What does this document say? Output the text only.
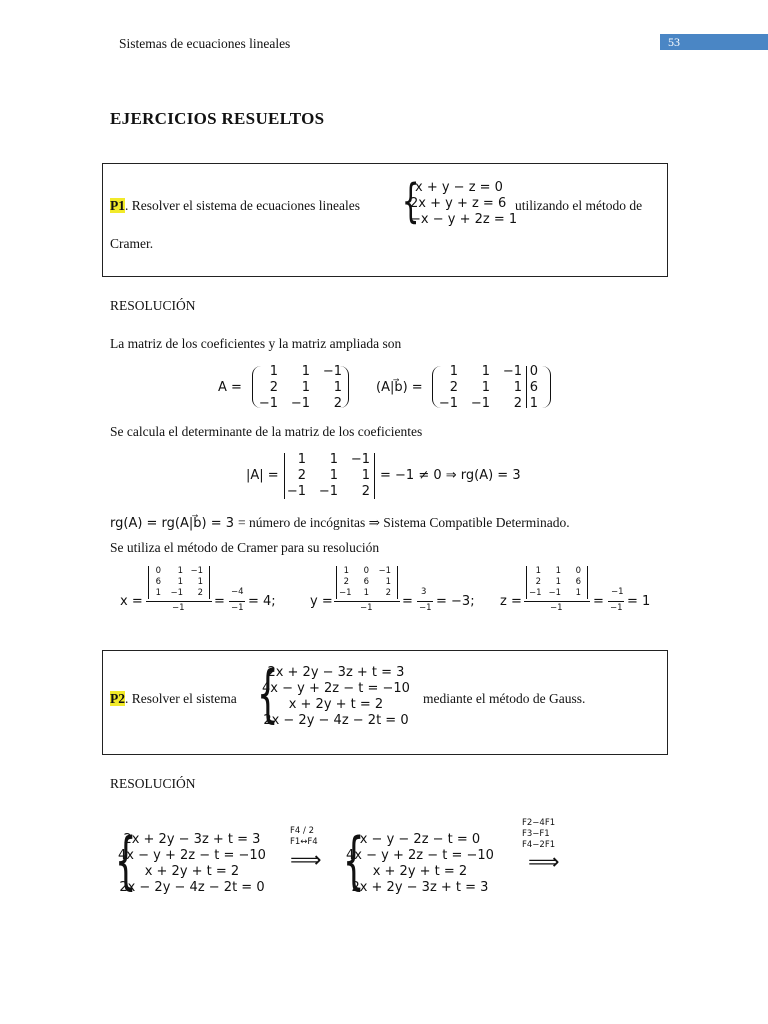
Sistemas de ecuaciones lineales	53
EJERCICIOS RESUELTOS
P1. Resolver el sistema de ecuaciones lineales {
x + y − z = 0
2x + y + z = 6
−x − y + 2z = 1
utilizando el método de
Cramer.
RESOLUCIÓN
La matriz de los coeficientes y la matriz ampliada son
A =
1 1 −1
2 1 1
−1 −1 2
(A|b⃗) =
1 1 −1 0
2 1 1 6
−1 −1 2 1
Se calcula el determinante de la matriz de los coeficientes
|A| =
1 1 −1
2 1 1
−1 −1 2
= −1 ≠ 0 ⇒ rg(A) = 3
rg(A) = rg(A|b⃗) = 3 = número de incógnitas ⇒ Sistema Compatible Determinado.
Se utiliza el método de Cramer para su resolución
x =
0 1 −1
6 1 1
1 −1 2
−1 =
−4
−1 = 4;	y =
1 0 −1
2 6 1
−1 1 2
−1 =
3
−1 = −3; z =
1 1 0
2 1 6
−1 −1 1
−1 =
−1
−1 = 1
P2. Resolver el sistema {
2x + 2y − 3z + t = 3
4x − y + 2z − t = −10
x + 2y + t = 2
2x − 2y − 4z − 2t = 0
mediante el método de Gauss.
RESOLUCIÓN
{
2x + 2y − 3z + t = 3
4x − y + 2z − t = −10
x + 2y + t = 2
2x − 2y − 4z − 2t = 0
F4 / 2
F1↔F4
⟹ {
x − y − 2z − t = 0
4x − y + 2z − t = −10
x + 2y + t = 2
2x + 2y − 3z + t = 3
F2−4F1
F3−F1
F4−2F1
⟹
